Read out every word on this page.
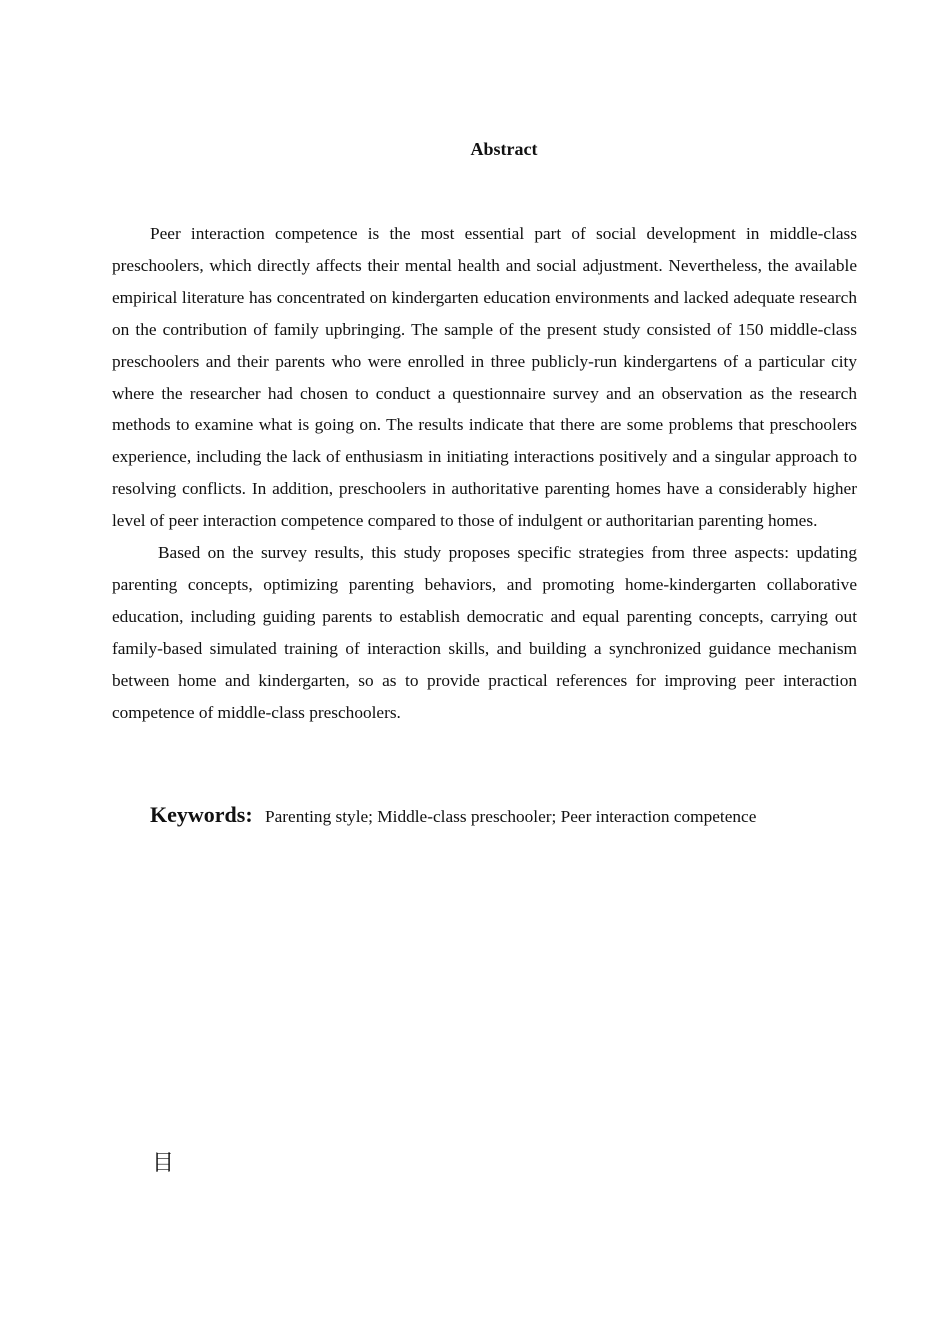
Abstract

Peer interaction competence is the most essential part of social development in middle-class preschoolers, which directly affects their mental health and social adjustment. Nevertheless, the available empirical literature has concentrated on kindergarten education environments and lacked adequate research on the contribution of family upbringing. The sample of the present study consisted of 150 middle-class preschoolers and their parents who were enrolled in three publicly-run kindergartens of a particular city where the researcher had chosen to conduct a questionnaire survey and an observation as the research methods to examine what is going on. The results indicate that there are some problems that preschoolers experience, including the lack of enthusiasm in initiating interactions positively and a singular approach to resolving conflicts. In addition, preschoolers in authoritative parenting homes have a considerably higher level of peer interaction competence compared to those of indulgent or authoritarian parenting homes.

Based on the survey results, this study proposes specific strategies from three aspects: updating parenting concepts, optimizing parenting behaviors, and promoting home-kindergarten collaborative education, including guiding parents to establish democratic and equal parenting concepts, carrying out family-based simulated training of interaction skills, and building a synchronized guidance mechanism between home and kindergarten, so as to provide practical references for improving peer interaction competence of middle-class preschoolers.

Keywords: Parenting style; Middle-class preschooler; Peer interaction competence
目
